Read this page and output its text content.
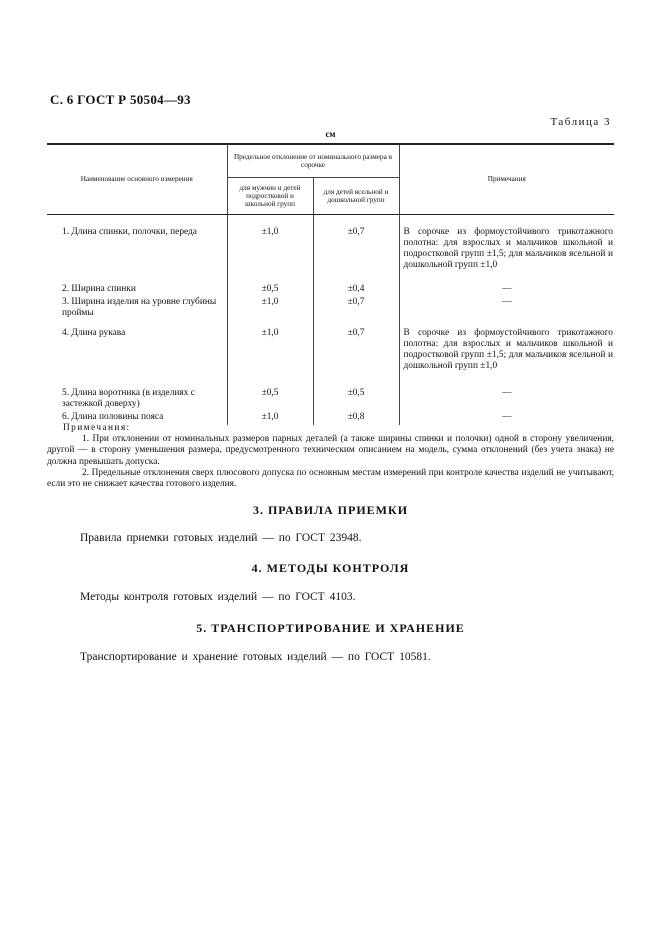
С. 6 ГОСТ Р 50504—93
Таблица 3
см
Наименование основного измерения	Предельное отклонение от номинального размера в сорочке		Примечания
	для мужчин и детей подростковой и школьной групп	для детей ясельной и дошкольной групп	
1. Длина спинки, полочки, переда	±1,0	±0,7	В сорочке из формоустойчивого трикотажного полотна: для взрослых и мальчиков школьной и подростковой групп ±1,5; для мальчиков ясельной и дошкольной групп ±1,0
2. Ширина спинки	±0,5	±0,4	—
3. Ширина изделия на уровне глубины проймы	±1,0	±0,7	—
4. Длина рукава	±1,0	±0,7	В сорочке из формоустойчивого трикотажного полотна: для взрослых и мальчиков школьной и подростковой групп ±1,5; для мальчиков ясельной и дошкольной групп ±1,0
5. Длина воротника (в изделиях с застежкой доверху)	±0,5	±0,5	—
6. Длина половины пояса	±1,0	±0,8	—
Примечания:

1. При отклонении от номинальных размеров парных деталей (а также ширины спинки и полочки) одной в сторону увеличения, другой — в сторону уменьшения размера, предусмотренного техническим описанием на модель, сумма отклонений (без учета знака) не должна превышать допуска.

2. Предельные отклонения сверх плюсового допуска по основным местам измерений при контроле качества изделий не учитывают, если это не снижает качества готового изделия.

3. ПРАВИЛА ПРИЕМКИ
Правила приемки готовых изделий — по ГОСТ 23948.
4. МЕТОДЫ КОНТРОЛЯ
Методы контроля готовых изделий — по ГОСТ 4103.
5. ТРАНСПОРТИРОВАНИЕ И ХРАНЕНИЕ
Транспортирование и хранение готовых изделий — по ГОСТ 10581.
